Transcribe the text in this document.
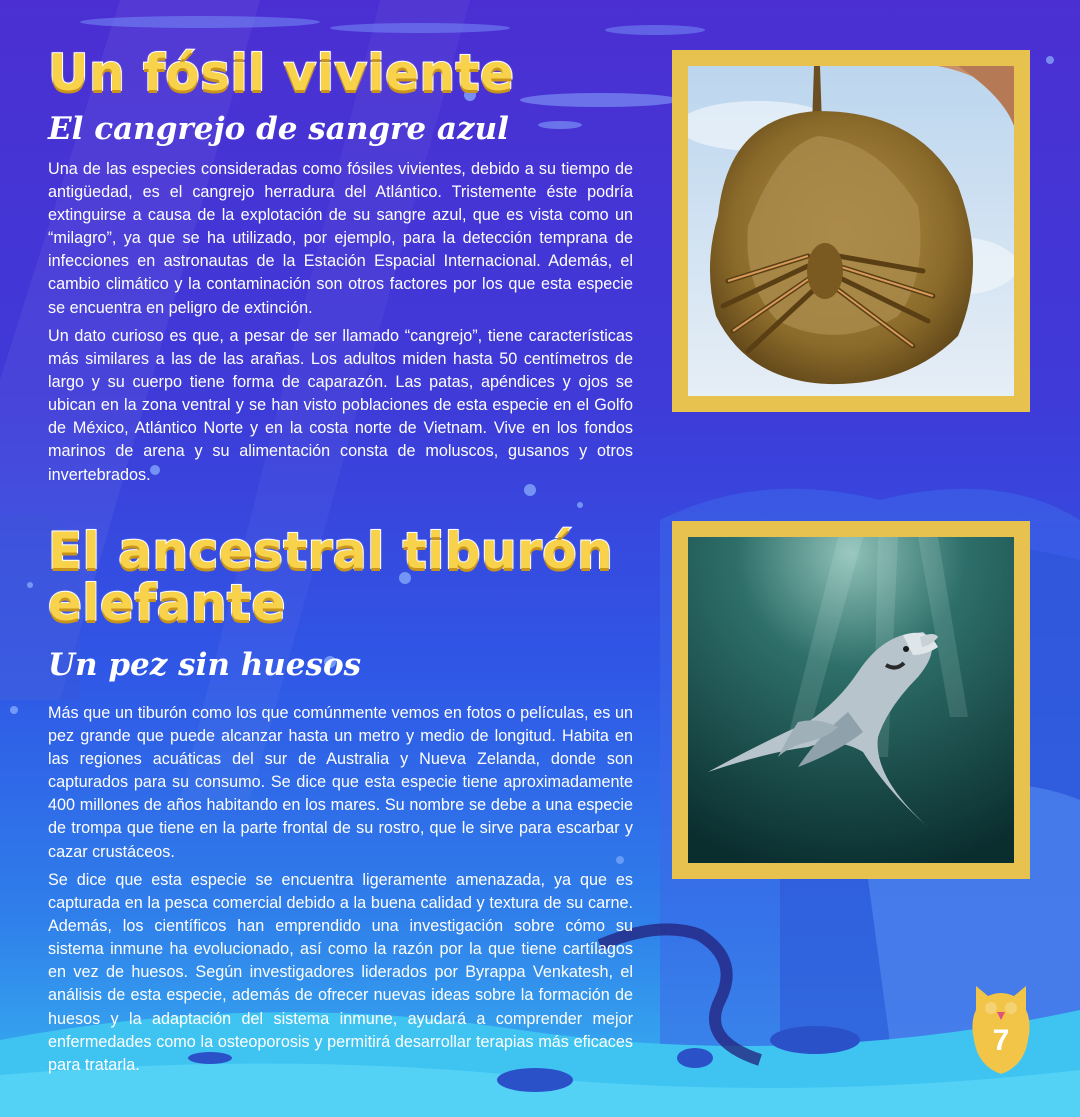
Un fósil viviente
El cangrejo de sangre azul

Una de las especies consideradas como fósiles vivientes, debido a su tiempo de antigüedad, es el cangrejo herradura del Atlántico. Tristemente éste podría extinguirse a causa de la explotación de su sangre azul, que es vista como un “milagro”, ya que se ha utilizado, por ejemplo, para la detección temprana de infecciones en astronautas de la Estación Espacial Internacional. Además, el cambio climático y la contaminación son otros factores por los que esta especie se encuentra en peligro de extinción.

Un dato curioso es que, a pesar de ser llamado “cangrejo”, tiene características más similares a las de las arañas. Los adultos miden hasta 50 centímetros de largo y su cuerpo tiene forma de caparazón. Las patas, apéndices y ojos se ubican en la zona ventral y se han visto poblaciones de esta especie en el Golfo de México, Atlántico Norte y en la costa norte de Vietnam. Vive en los fondos marinos de arena y su alimentación consta de moluscos, gusanos y otros invertebrados.

El ancestral tiburón
elefante
Un pez sin huesos

Más que un tiburón como los que comúnmente vemos en fotos o películas, es un pez grande que puede alcanzar hasta un metro y medio de longitud. Habita en las regiones acuáticas del sur de Australia y Nueva Zelanda, donde son capturados para su consumo. Se dice que esta especie tiene aproximadamente 400 millones de años habitando en los mares. Su nombre se debe a una especie de trompa que tiene en la parte frontal de su rostro, que le sirve para escarbar y cazar crustáceos.

Se dice que esta especie se encuentra ligeramente amenazada, ya que es capturada en la pesca comercial debido a la buena calidad y textura de su carne. Además, los científicos han emprendido una investigación sobre cómo su sistema inmune ha evolucionado, así como la razón por la que tiene cartílagos en vez de huesos. Según investigadores liderados por Byrappa Venkatesh, el análisis de esta especie, además de ofrecer nuevas ideas sobre la formación de huesos y la adaptación del sistema inmune, ayudará a comprender mejor enfermedades como la osteoporosis y permitirá desarrollar terapias más eficaces para tratarla.

7
